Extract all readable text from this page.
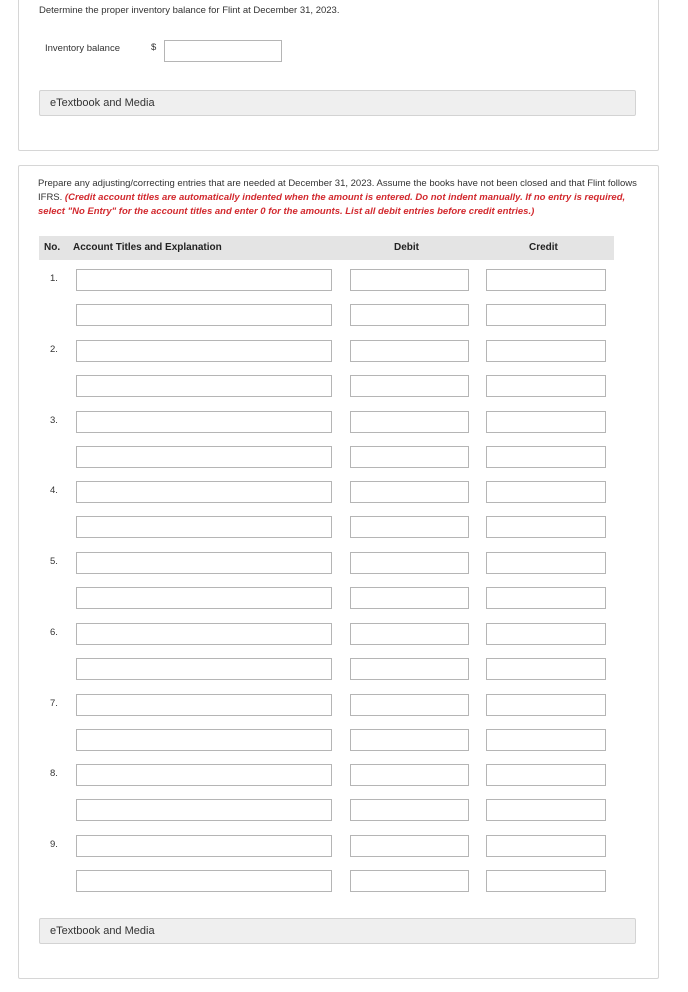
Determine the proper inventory balance for Flint at December 31, 2023.
Inventory balance	$
eTextbook and Media
Prepare any adjusting/correcting entries that are needed at December 31, 2023. Assume the books have not been closed and that Flint follows IFRS. (Credit account titles are automatically indented when the amount is entered. Do not indent manually. If no entry is required, select "No Entry" for the account titles and enter 0 for the amounts. List all debit entries before credit entries.)
No. Account Titles and Explanation	Debit	Credit
1.
2.
3.
4.
5.
6.
7.
8.
9.
eTextbook and Media
